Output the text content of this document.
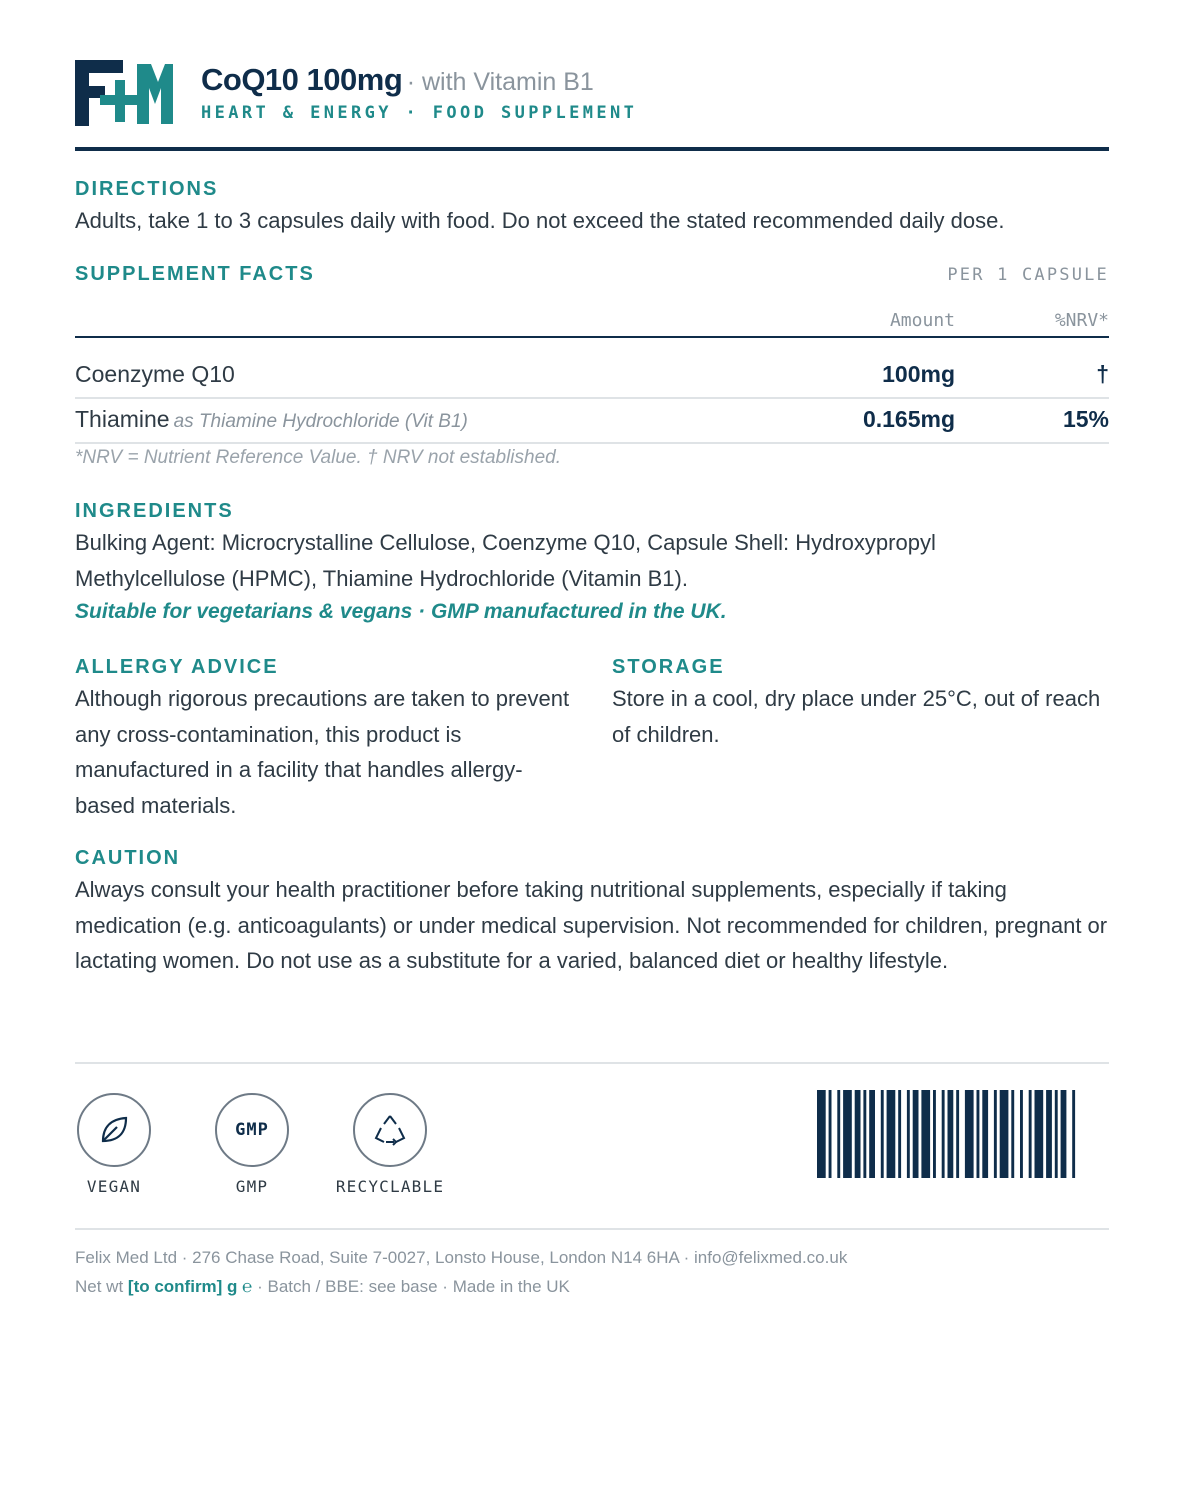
CoQ10 100mg · with Vitamin B1
HEART & ENERGY · FOOD SUPPLEMENT
DIRECTIONS
Adults, take 1 to 3 capsules daily with food. Do not exceed the stated recommended daily dose.
SUPPLEMENT FACTS	PER 1 CAPSULE
Amount	%NRV*
Coenzyme Q10	100mg	†
Thiamine as Thiamine Hydrochloride (Vit B1)	0.165mg	15%
*NRV = Nutrient Reference Value. † NRV not established.
INGREDIENTS
Bulking Agent: Microcrystalline Cellulose, Coenzyme Q10, Capsule Shell: Hydroxypropyl Methylcellulose (HPMC), Thiamine Hydrochloride (Vitamin B1).
Suitable for vegetarians & vegans · GMP manufactured in the UK.
ALLERGY ADVICE
Although rigorous precautions are taken to prevent any cross-contamination, this product is manufactured in a facility that handles allergy-based materials.
STORAGE
Store in a cool, dry place under 25°C, out of reach of children.
CAUTION
Always consult your health practitioner before taking nutritional supplements, especially if taking medication (e.g. anticoagulants) or under medical supervision. Not recommended for children, pregnant or lactating women. Do not use as a substitute for a varied, balanced diet or healthy lifestyle.
VEGAN
GMP
GMP	RECYCLABLE
Felix Med Ltd · 276 Chase Road, Suite 7-0027, Lonsto House, London N14 6HA · info@felixmed.co.uk
Net wt [to confirm] g ℮ · Batch / BBE: see base · Made in the UK
